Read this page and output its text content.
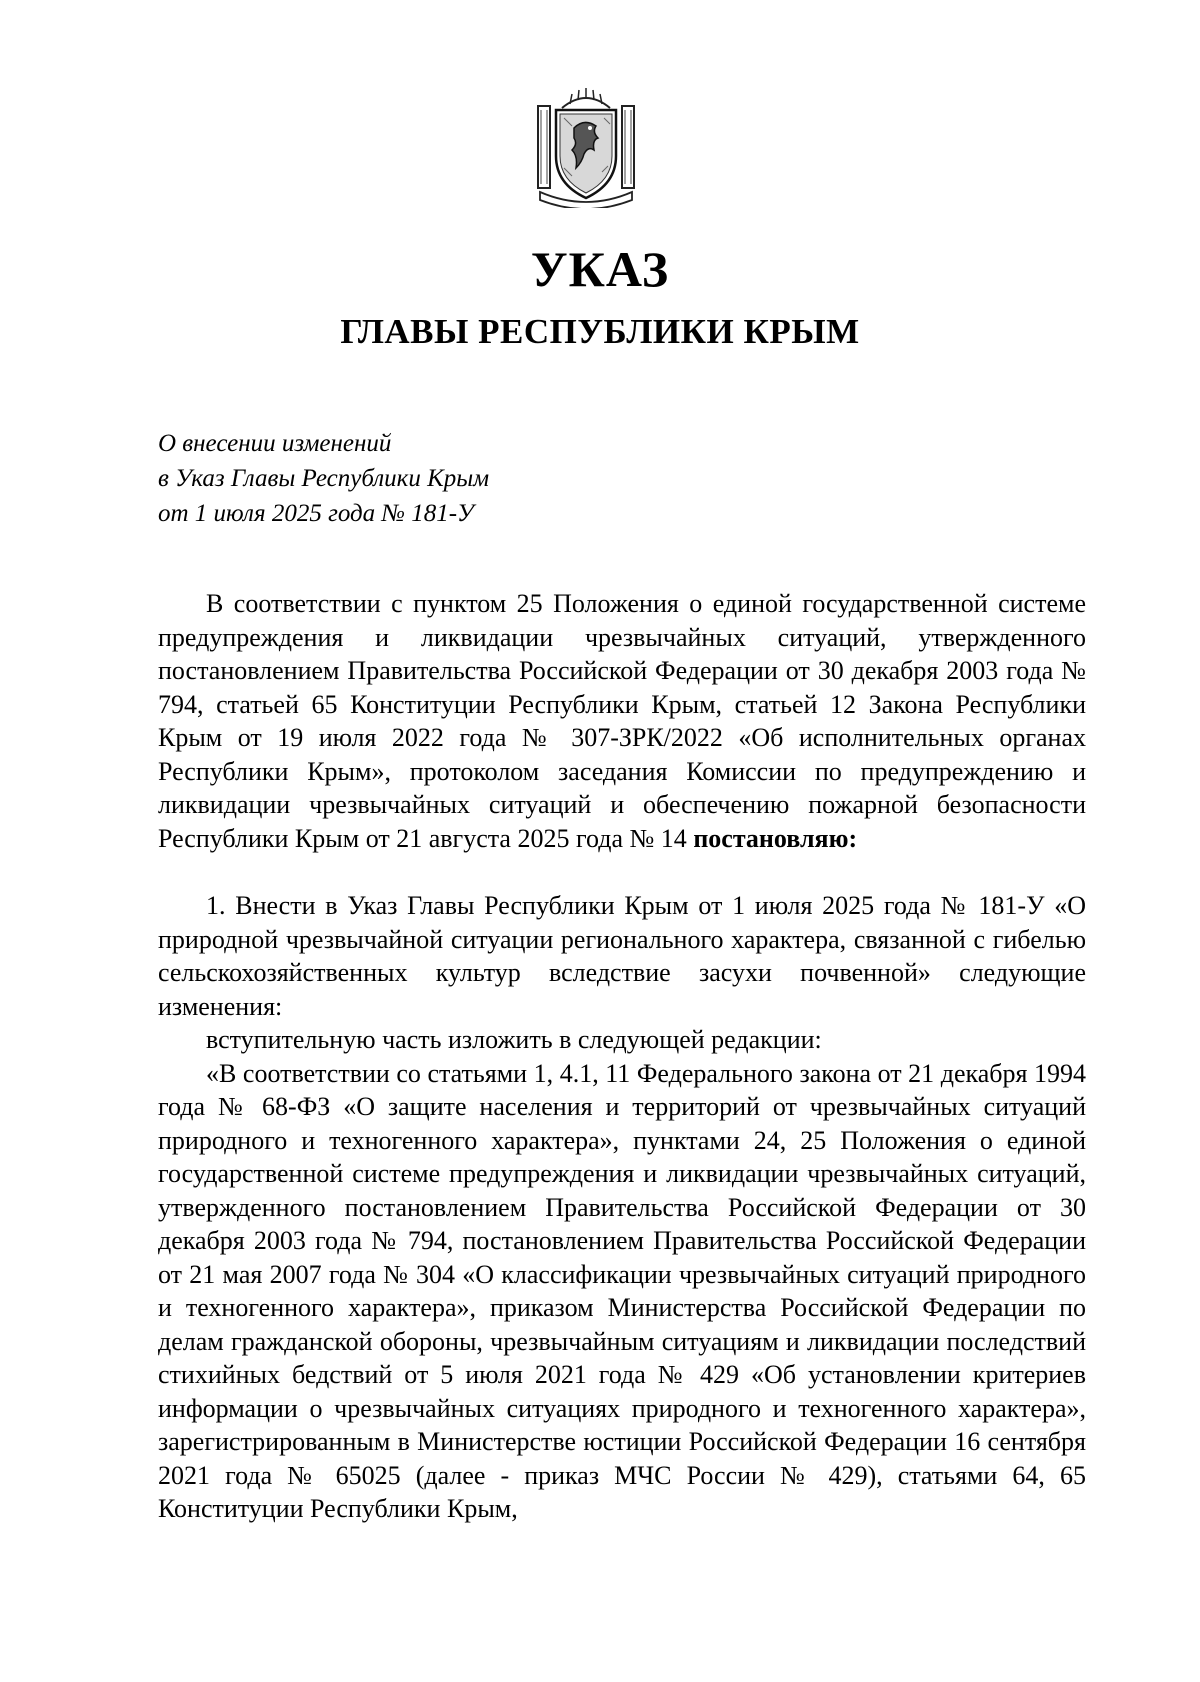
УКАЗ
ГЛАВЫ РЕСПУБЛИКИ КРЫМ
О внесении изменений
в Указ Главы Республики Крым
от 1 июля 2025 года № 181-У

В соответствии с пунктом 25 Положения о единой государственной системе предупреждения и ликвидации чрезвычайных ситуаций, утвержденного постановлением Правительства Российской Федерации от 30 декабря 2003 года № 794, статьей 65 Конституции Республики Крым, статьей 12 Закона Республики Крым от 19 июля 2022 года № 307-ЗРК/2022 «Об исполнительных органах Республики Крым», протоколом заседания Комиссии по предупреждению и ликвидации чрезвычайных ситуаций и обеспечению пожарной безопасности Республики Крым от 21 августа 2025 года № 14 постановляю:

1. Внести в Указ Главы Республики Крым от 1 июля 2025 года № 181-У «О природной чрезвычайной ситуации регионального характера, связанной с гибелью сельскохозяйственных культур вследствие засухи почвенной» следующие изменения:

вступительную часть изложить в следующей редакции:

«В соответствии со статьями 1, 4.1, 11 Федерального закона от 21 декабря 1994 года № 68-ФЗ «О защите населения и территорий от чрезвычайных ситуаций природного и техногенного характера», пунктами 24, 25 Положения о единой государственной системе предупреждения и ликвидации чрезвычайных ситуаций, утвержденного постановлением Правительства Российской Федерации от 30 декабря 2003 года № 794, постановлением Правительства Российской Федерации от 21 мая 2007 года № 304 «О классификации чрезвычайных ситуаций природного и техногенного характера», приказом Министерства Российской Федерации по делам гражданской обороны, чрезвычайным ситуациям и ликвидации последствий стихийных бедствий от 5 июля 2021 года № 429 «Об установлении критериев информации о чрезвычайных ситуациях природного и техногенного характера», зарегистрированным в Министерстве юстиции Российской Федерации 16 сентября 2021 года № 65025 (далее - приказ МЧС России № 429), статьями 64, 65 Конституции Республики Крым,
